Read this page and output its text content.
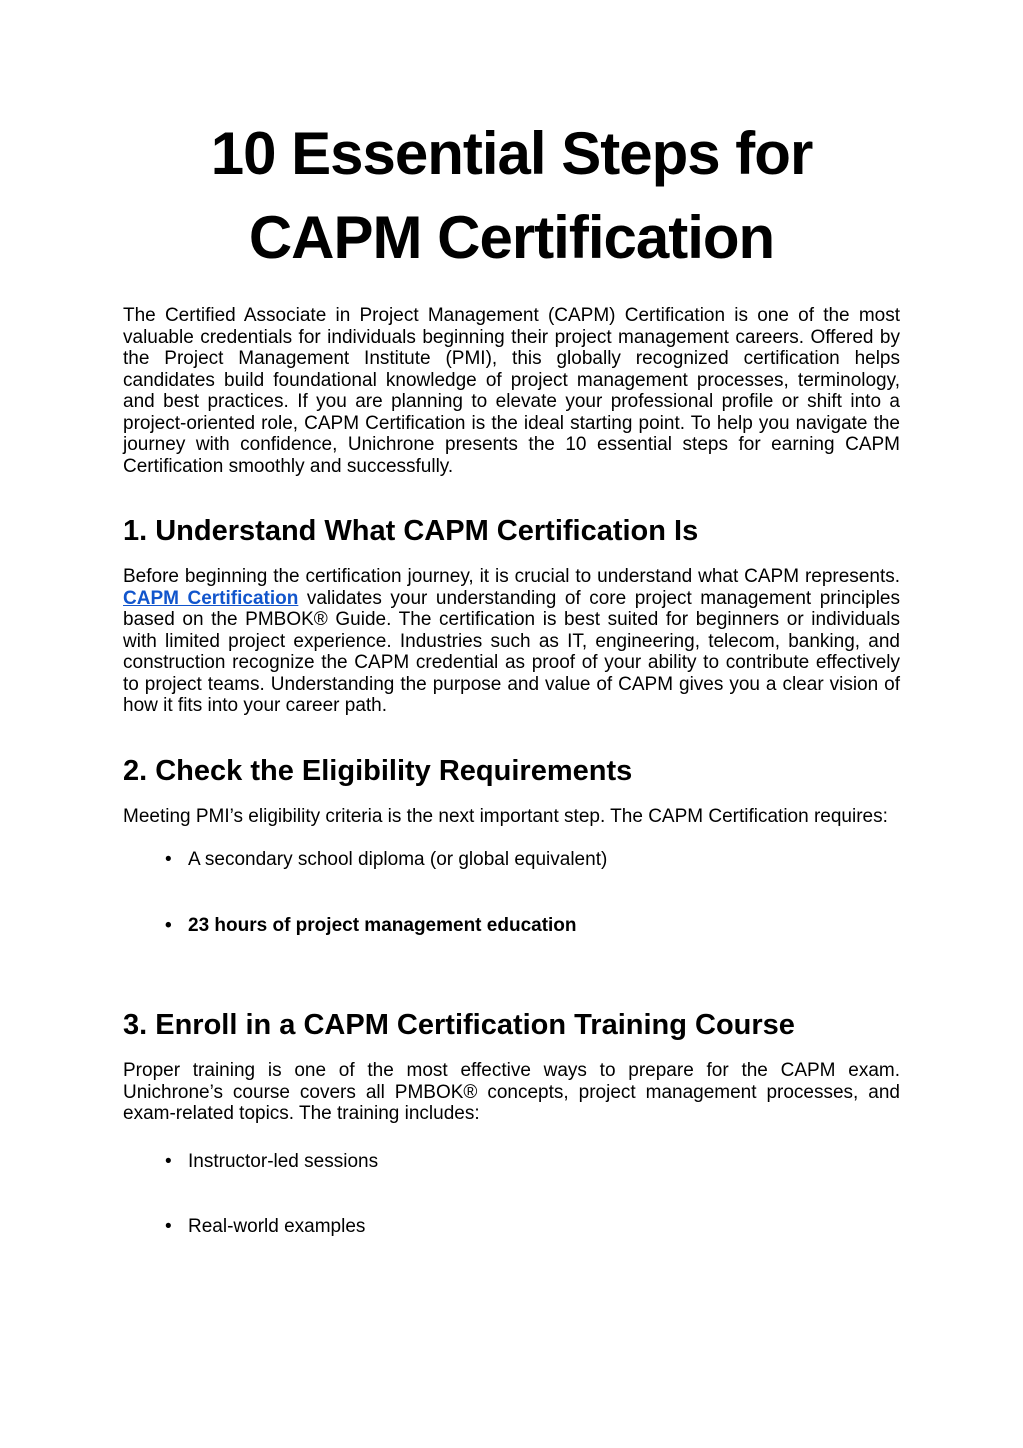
10 Essential Steps for
CAPM Certification

The Certified Associate in Project Management (CAPM) Certification is one of the most valuable credentials for individuals beginning their project management careers. Offered by the Project Management Institute (PMI), this globally recognized certification helps candidates build foundational knowledge of project management processes, terminology, and best practices. If you are planning to elevate your professional profile or shift into a project-oriented role, CAPM Certification is the ideal starting point. To help you navigate the journey with confidence, Unichrone presents the 10 essential steps for earning CAPM Certification smoothly and successfully.

1. Understand What CAPM Certification Is

Before beginning the certification journey, it is crucial to understand what CAPM represents. CAPM Certification validates your understanding of core project management principles based on the PMBOK® Guide. The certification is best suited for beginners or individuals with limited project experience. Industries such as IT, engineering, telecom, banking, and construction recognize the CAPM credential as proof of your ability to contribute effectively to project teams. Understanding the purpose and value of CAPM gives you a clear vision of how it fits into your career path.

2. Check the Eligibility Requirements

Meeting PMI’s eligibility criteria is the next important step. The CAPM Certification requires:

• A secondary school diploma (or global equivalent)
• 23 hours of project management education
3. Enroll in a CAPM Certification Training Course

Proper training is one of the most effective ways to prepare for the CAPM exam. Unichrone’s course covers all PMBOK® concepts, project management processes, and exam-related topics. The training includes:

• Instructor-led sessions
• Real-world examples
